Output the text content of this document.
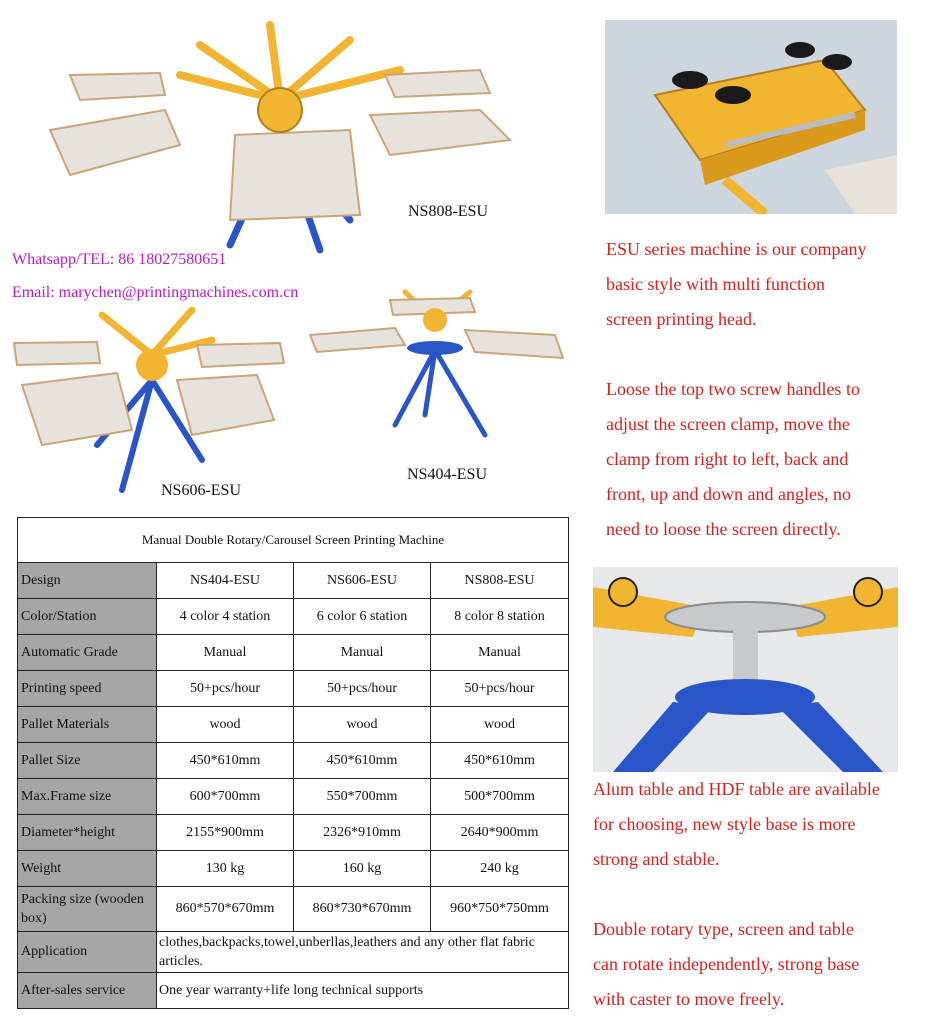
NS808-ESU
Whatsapp/TEL: 86 18027580651
Email: marychen@printingmachines.com.cn
NS606-ESU
NS404-ESU

ESU series machine is our company

basic style with multi function

screen printing head.

Loose the top two screw handles to

adjust the screen clamp, move the

clamp from right to left, back and

front, up and down and angles, no

need to loose the screen directly.

Alum table and HDF table are available

for choosing, new style base is more

strong and stable.

Double rotary type, screen and table

can rotate independently, strong base

with caster to move freely.

Manual Double Rotary/Carousel Screen Printing Machine			
Design	NS404-ESU	NS606-ESU	NS808-ESU
Color/Station	4 color 4 station	6 color 6 station	8 color 8 station
Automatic Grade	Manual	Manual	Manual
Printing speed	50+pcs/hour	50+pcs/hour	50+pcs/hour
Pallet Materials	wood	wood	wood
Pallet Size	450*610mm	450*610mm	450*610mm
Max.Frame size	600*700mm	550*700mm	500*700mm
Diameter*height	2155*900mm	2326*910mm	2640*900mm
Weight	130 kg	160 kg	240 kg
Packing size (wooden box)	860*570*670mm	860*730*670mm	960*750*750mm
Application	clothes,backpacks,towel,unberllas,leathers and any other flat fabric articles.		
After-sales service	One year warranty+life long technical supports		
